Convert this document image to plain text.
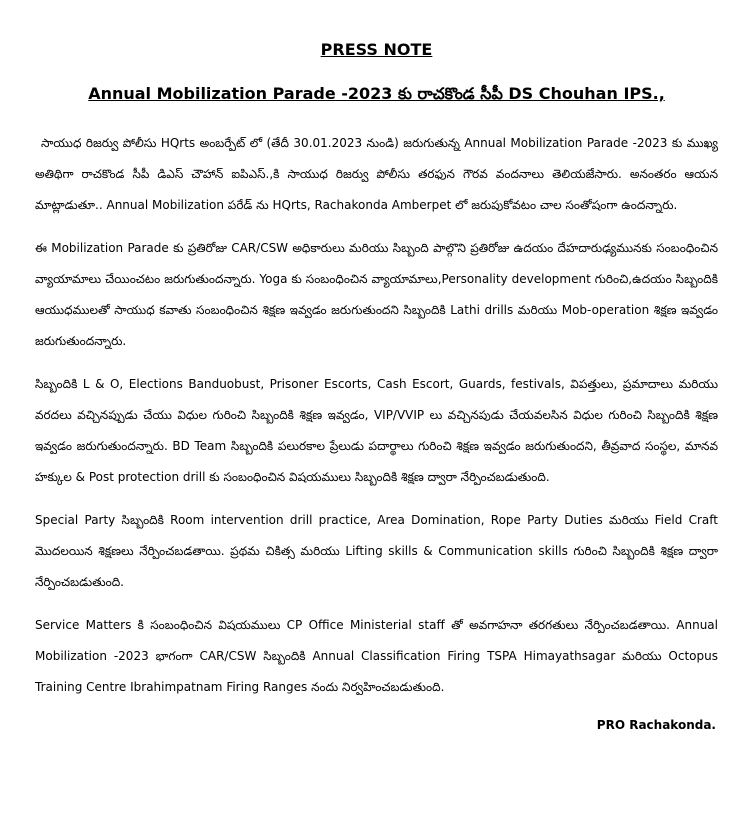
PRESS NOTE
Annual Mobilization Parade -2023 కు రాచకొండ సీపీ DS Chouhan IPS.,

సాయుధ రిజర్వు పోలీసు HQrts అంబర్పేట్ లో (తేదీ 30.01.2023 నుండి) జరుగుతున్న Annual Mobilization Parade -2023 కు ముఖ్య అతిథిగా రాచకొండ సీపీ డిఎస్ చౌహాన్ ఐపిఎస్.,కి సాయుధ రిజర్వు పోలీసు తరఫున గౌరవ వందనాలు తెలియజేసారు. అనంతరం ఆయన మాట్లాడుతూ.. Annual Mobilization పరేడ్ ను HQrts, Rachakonda Amberpet లో జరుపుకోవటం చాల సంతోషంగా ఉందన్నారు.

ఈ Mobilization Parade కు ప్రతిరోజు CAR/CSW అధికారులు మరియు సిబ్బంది పాల్గొని ప్రతిరోజు ఉదయం దేహదారుఢ్యమునకు సంబంధించిన వ్యాయామాలు చేయించటం జరుగుతుందన్నారు. Yoga కు సంబంధించిన వ్యాయామాలు,Personality development గురించి,ఉదయం సిబ్బందికి ఆయుధములతో సాయుధ కవాతు సంబంధించిన శిక్షణ ఇవ్వడం జరుగుతుందని సిబ్బందికి Lathi drills మరియు Mob-operation శిక్షణ ఇవ్వడం జరుగుతుందన్నారు.

సిబ్బందికి L & O, Elections Banduobust, Prisoner Escorts, Cash Escort, Guards, festivals, విపత్తులు, ప్రమాదాలు మరియు వరదలు వచ్చినప్పుడు చేయు విధుల గురించి సిబ్బందికి శిక్షణ ఇవ్వడం, VIP/VVIP లు వచ్చినపుడు చేయవలసిన విధుల గురించి సిబ్బందికి శిక్షణ ఇవ్వడం జరుగుతుందన్నారు. BD Team సిబ్బందికి పలురకాల ప్రేలుడు పదార్థాలు గురించి శిక్షణ ఇవ్వడం జరుగుతుందని, తీవ్రవాద సంస్థల, మానవ హక్కుల & Post protection drill కు సంబంధించిన విషయములు సిబ్బందికి శిక్షణ ద్వారా నేర్పించబడుతుంది.

Special Party సిబ్బందికి Room intervention drill practice, Area Domination, Rope Party Duties మరియు Field Craft మొదలయిన శిక్షణలు నేర్పించబడతాయి. ప్రథమ చికిత్స మరియు Lifting skills & Communication skills గురించి సిబ్బందికి శిక్షణ ద్వారా నేర్పించబడుతుంది.

Service Matters కి సంబంధించిన విషయములు CP Office Ministerial staff తో అవగాహనా తరగతులు నేర్పించబడతాయి. Annual Mobilization -2023 భాగంగా CAR/CSW సిబ్బందికి Annual Classification Firing TSPA Himayathsagar మరియు Octopus Training Centre Ibrahimpatnam Firing Ranges నందు నిర్వహించబడుతుంది.

PRO Rachakonda.
